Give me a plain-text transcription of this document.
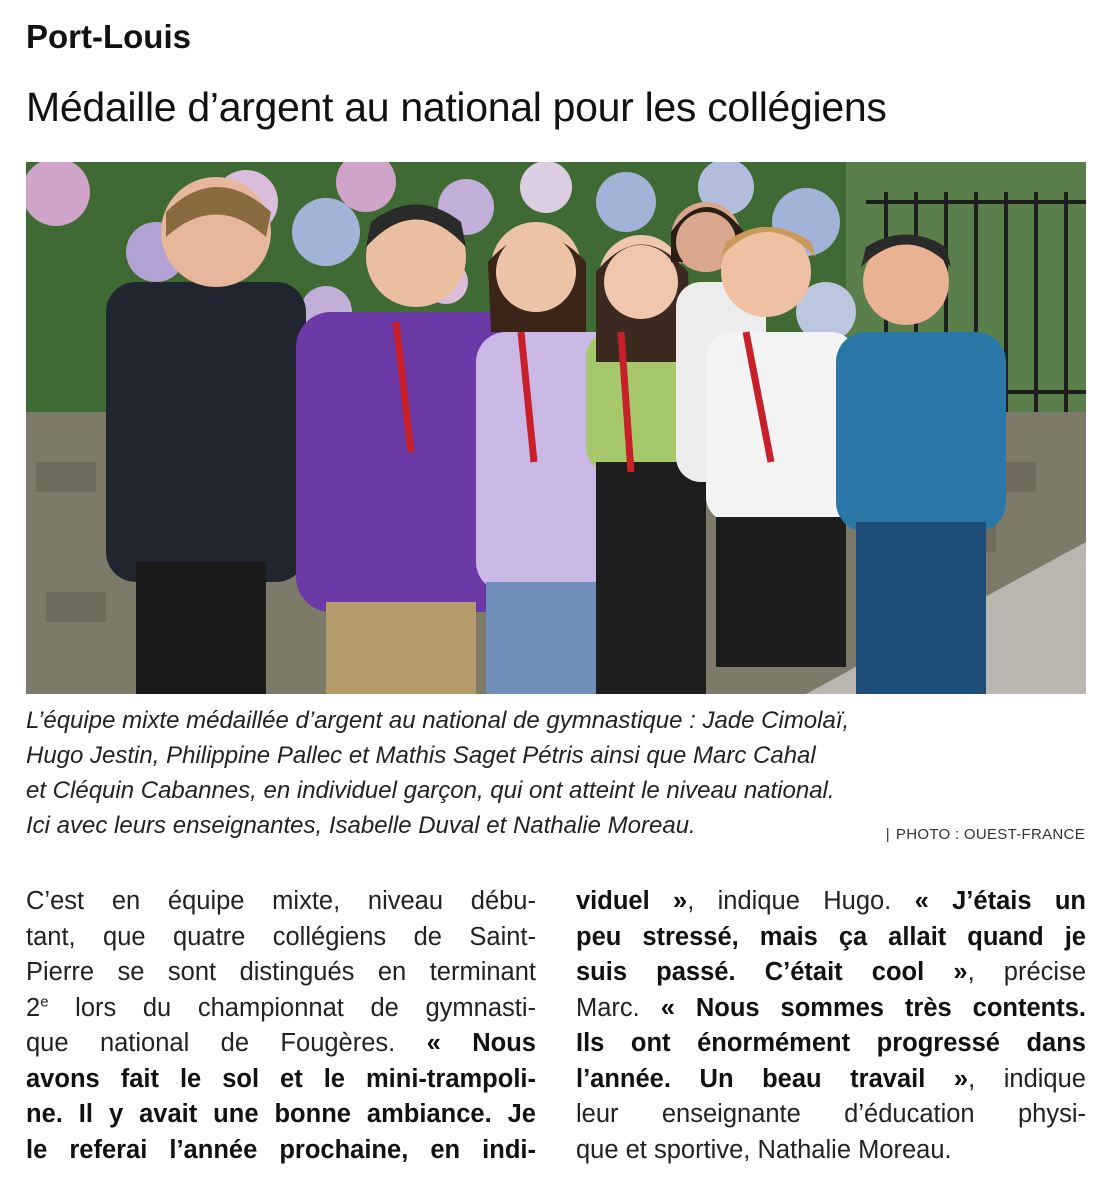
Port-Louis
Médaille d’argent au national pour les collégiens
L’équipe mixte médaillée d’argent au national de gymnastique : Jade Cimolaï,
Hugo Jestin, Philippine Pallec et Mathis Saget Pétris ainsi que Marc Cahal
et Cléquin Cabannes, en individuel garçon, qui ont atteint le niveau national.
Ici avec leurs enseignantes, Isabelle Duval et Nathalie Moreau.	| PHOTO : OUEST-FRANCE
C’est en équipe mixte, niveau débu-
tant, que quatre collégiens de Saint-
Pierre se sont distingués en terminant
2e lors du championnat de gymnasti-
que national de Fougères. « Nous
avons fait le sol et le mini-trampoli-
ne. Il y avait une bonne ambiance. Je
le referai l’année prochaine, en indi-
viduel », indique Hugo. « J’étais un
peu stressé, mais ça allait quand je
suis passé. C’était cool », précise
Marc. « Nous sommes très contents.
Ils ont énormément progressé dans
l’année. Un beau travail », indique
leur enseignante d’éducation physi-
que et sportive, Nathalie Moreau.
